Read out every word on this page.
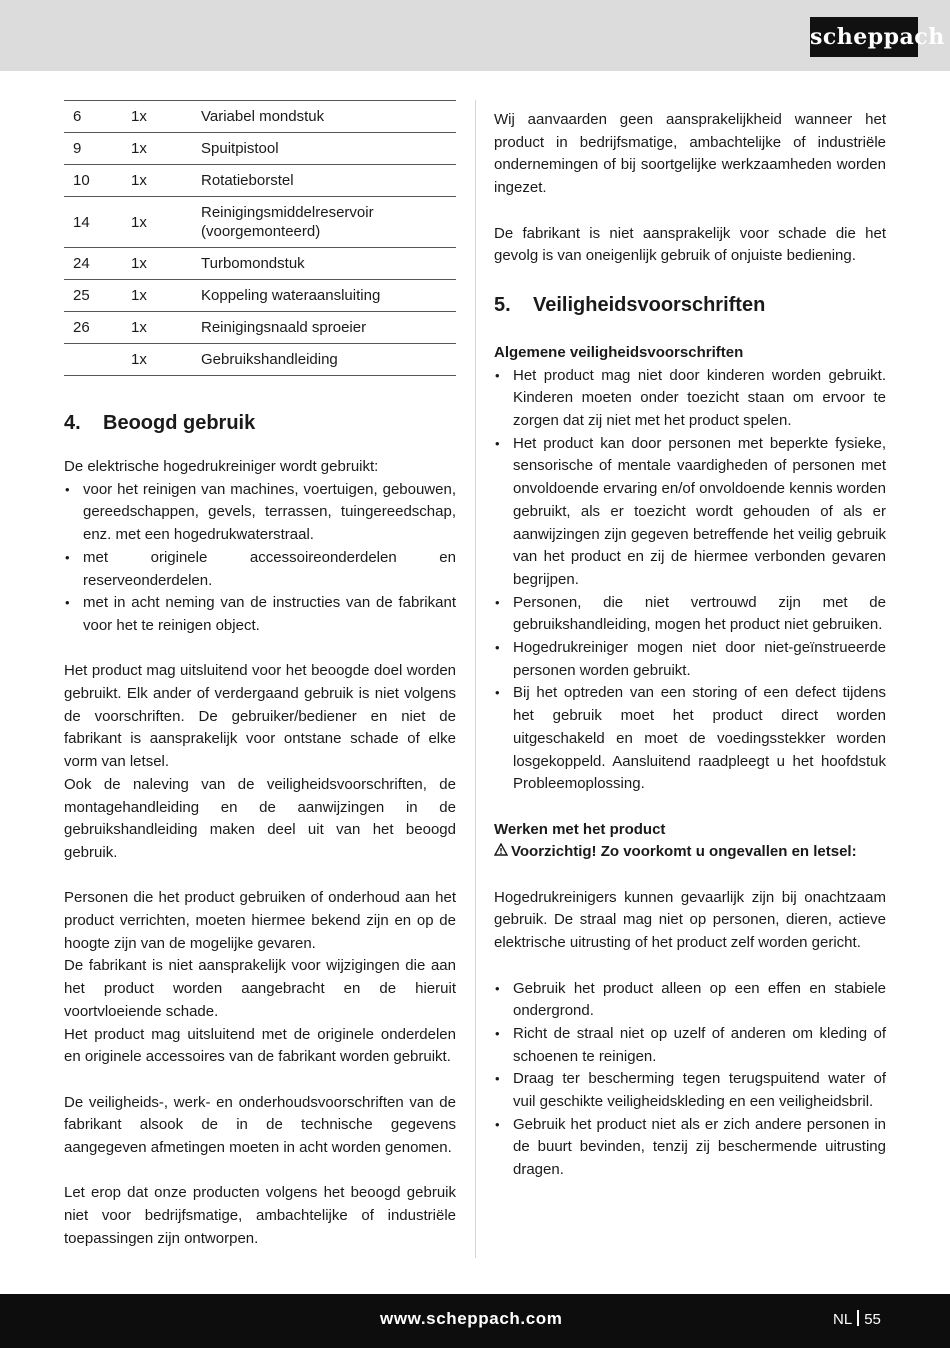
scheppach
6	1x	Variabel mondstuk
9	1x	Spuitpistool
10	1x	Rotatieborstel
14	1x	Reinigingsmiddelreservoir (voorgemonteerd)
24	1x	Turbomondstuk
25	1x	Koppeling wateraansluiting
26	1x	Reinigingsnaald sproeier
	1x	Gebruikshandleiding
4. Beoogd gebruik

De elektrische hogedrukreiniger wordt gebruikt:

• voor het reinigen van machines, voertuigen, gebouwen, gereedschappen, gevels, terrassen, tuingereedschap, enz. met een hogedrukwaterstraal.
• met originele accessoireonderdelen en reserveonderdelen.
• met in acht neming van de instructies van de fabrikant voor het te reinigen object.

Het product mag uitsluitend voor het beoogde doel worden gebruikt. Elk ander of verdergaand gebruik is niet volgens de voorschriften. De gebruiker/bediener en niet de fabrikant is aansprakelijk voor ontstane schade of elke vorm van letsel.

Ook de naleving van de veiligheidsvoorschriften, de montagehandleiding en de aanwijzingen in de gebruikshandleiding maken deel uit van het beoogd gebruik.

Personen die het product gebruiken of onderhoud aan het product verrichten, moeten hiermee bekend zijn en op de hoogte zijn van de mogelijke gevaren.

De fabrikant is niet aansprakelijk voor wijzigingen die aan het product worden aangebracht en de hieruit voortvloeiende schade.

Het product mag uitsluitend met de originele onderdelen en originele accessoires van de fabrikant worden gebruikt.

De veiligheids-, werk- en onderhoudsvoorschriften van de fabrikant alsook de in de technische gegevens aangegeven afmetingen moeten in acht worden genomen.

Let erop dat onze producten volgens het beoogd gebruik niet voor bedrijfsmatige, ambachtelijke of industriële toepassingen zijn ontworpen.

Wij aanvaarden geen aansprakelijkheid wanneer het product in bedrijfsmatige, ambachtelijke of industriële ondernemingen of bij soortgelijke werkzaamheden worden ingezet.

De fabrikant is niet aansprakelijk voor schade die het gevolg is van oneigenlijk gebruik of onjuiste bediening.

5. Veiligheidsvoorschriften
Algemene veiligheidsvoorschriften
• Het product mag niet door kinderen worden gebruikt. Kinderen moeten onder toezicht staan om ervoor te zorgen dat zij niet met het product spelen.
• Het product kan door personen met beperkte fysieke, sensorische of mentale vaardigheden of personen met onvoldoende ervaring en/of onvoldoende kennis worden gebruikt, als er toezicht wordt gehouden of als er aanwijzingen zijn gegeven betreffende het veilig gebruik van het product en zij de hiermee verbonden gevaren begrijpen.
• Personen, die niet vertrouwd zijn met de gebruikshandleiding, mogen het product niet gebruiken.
• Hogedrukreiniger mogen niet door niet-geïnstrueerde personen worden gebruikt.
• Bij het optreden van een storing of een defect tijdens het gebruik moet het product direct worden uitgeschakeld en moet de voedingsstekker worden losgekoppeld. Aansluitend raadpleegt u het hoofdstuk Probleemoplossing.
Werken met het product
Voorzichtig! Zo voorkomt u ongevallen en letsel:

Hogedrukreinigers kunnen gevaarlijk zijn bij onachtzaam gebruik. De straal mag niet op personen, dieren, actieve elektrische uitrusting of het product zelf worden gericht.

• Gebruik het product alleen op een effen en stabiele ondergrond.
• Richt de straal niet op uzelf of anderen om kleding of schoenen te reinigen.
• Draag ter bescherming tegen terugspuitend water of vuil geschikte veiligheidskleding en een veiligheidsbril.
• Gebruik het product niet als er zich andere personen in de buurt bevinden, tenzij zij beschermende uitrusting dragen.
www.scheppach.com	NL 55
